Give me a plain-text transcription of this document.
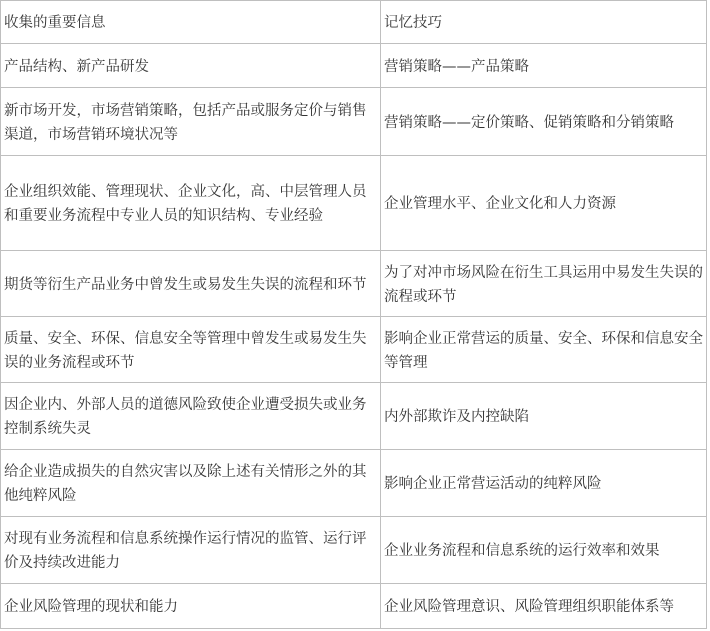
收集的重要信息	记忆技巧
产品结构、新产品研发	营销策略——产品策略
新市场开发，市场营销策略，包括产品或服务定价与销售渠道，市场营销环境状况等	营销策略——定价策略、促销策略和分销策略
企业组织效能、管理现状、企业文化，高、中层管理人员和重要业务流程中专业人员的知识结构、专业经验	企业管理水平、企业文化和人力资源
期货等衍生产品业务中曾发生或易发生失误的流程和环节	为了对冲市场风险在衍生工具运用中易发生失误的流程或环节
质量、安全、环保、信息安全等管理中曾发生或易发生失误的业务流程或环节	影响企业正常营运的质量、安全、环保和信息安全等管理
因企业内、外部人员的道德风险致使企业遭受损失或业务控制系统失灵	内外部欺诈及内控缺陷
给企业造成损失的自然灾害以及除上述有关情形之外的其他纯粹风险	影响企业正常营运活动的纯粹风险
对现有业务流程和信息系统操作运行情况的监管、运行评价及持续改进能力	企业业务流程和信息系统的运行效率和效果
企业风险管理的现状和能力	企业风险管理意识、风险管理组织职能体系等
